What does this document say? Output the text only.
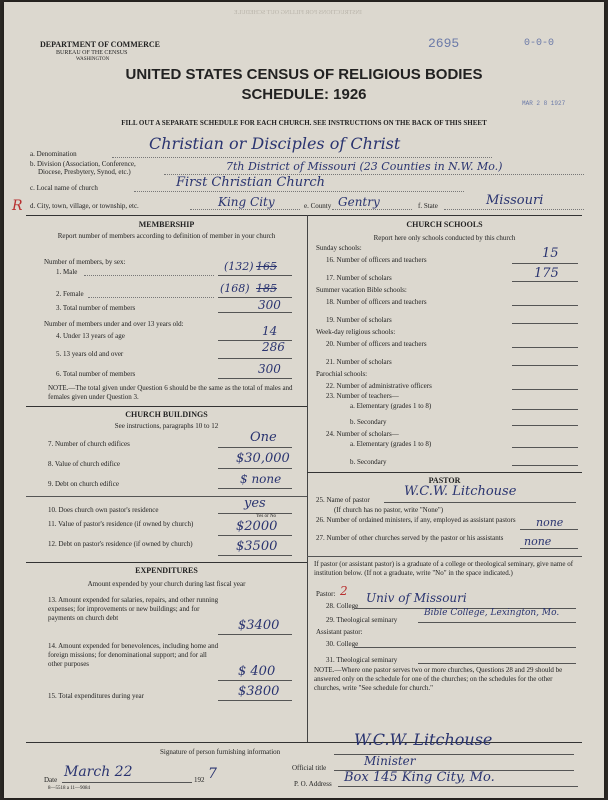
INSTRUCTIONS FOR FILLING OUT SCHEDULE
DEPARTMENT OF COMMERCE
BUREAU OF THE CENSUS
WASHINGTON
2695	0-0-0
MAR 2 8 1927
UNITED STATES CENSUS OF RELIGIOUS BODIES
SCHEDULE: 1926
FILL OUT A SEPARATE SCHEDULE FOR EACH CHURCH. SEE INSTRUCTIONS ON THE BACK OF THIS SHEET
a. Denomination
Christian or Disciples of Christ
b. Division (Association, Conference,
Diocese, Presbytery, Synod, etc.)	7th District of Missouri (23 Counties in N.W. Mo.)
c. Local name of church	First Christian Church
R d. City, town, village, or township, etc.	King City	e. County Gentry	f. State	Missouri
MEMBERSHIP
Report number of members according to definition of member in your church
Number of members, by sex:
1. Male	(132) 165
2. Female	(168) 185
3. Total number of members	300
Number of members under and over 13 years old:
4. Under 13 years of age	14
5. 13 years old and over	286
6. Total number of members	300
NOTE.—The total given under Question 6 should be the same as the total of males and females given under Question 3.
CHURCH BUILDINGS
See instructions, paragraphs 10 to 12
7. Number of church edifices	One
8. Value of church edifice	$30,000
9. Debt on church edifice	$ none
10. Does church own pastor's residence	yes
Yes or No
11. Value of pastor's residence (if owned by church)	$2000
12. Debt on pastor's residence (if owned by church)	$3500
EXPENDITURES
Amount expended by your church during last fiscal year
13. Amount expended for salaries, repairs, and other running expenses; for improvements or new buildings; and for payments on church debt	$3400
14. Amount expended for benevolences, including home and foreign missions; for denominational support; and for all other purposes	$ 400
15. Total expenditures during year	$3800
CHURCH SCHOOLS
Report here only schools conducted by this church
Sunday schools:
16. Number of officers and teachers	15
17. Number of scholars	175
Summer vacation Bible schools:
18. Number of officers and teachers
19. Number of scholars
Week-day religious schools:
20. Number of officers and teachers
21. Number of scholars
Parochial schools:
22. Number of administrative officers
23. Number of teachers—
a. Elementary (grades 1 to 8)
b. Secondary
24. Number of scholars—
a. Elementary (grades 1 to 8)
b. Secondary
PASTOR
25. Name of pastor
W.C.W. Litchouse
(If church has no pastor, write "None")
26. Number of ordained ministers, if any, employed as assistant pastors none
27. Number of other churches served by the pastor or his assistants	none
If pastor (or assistant pastor) is a graduate of a college or theological seminary, give name of institution below. (If not a graduate, write "No" in the space indicated.)
Pastor: 2
28. College
Univ of Missouri
29. Theological seminary
Bible College, Lexington, Mo.
Assistant pastor:
30. College
31. Theological seminary
NOTE.—Where one pastor serves two or more churches, Questions 28 and 29 should be answered only on the schedule for one of the churches; on the schedules for the other churches, write "See schedule for church."
Signature of person furnishing information
W.C.W. Litchouse
Official title	Minister
Date March 22	192 7
P. O. Address Box 145 King City, Mo.
8—5518 a 11—9084
